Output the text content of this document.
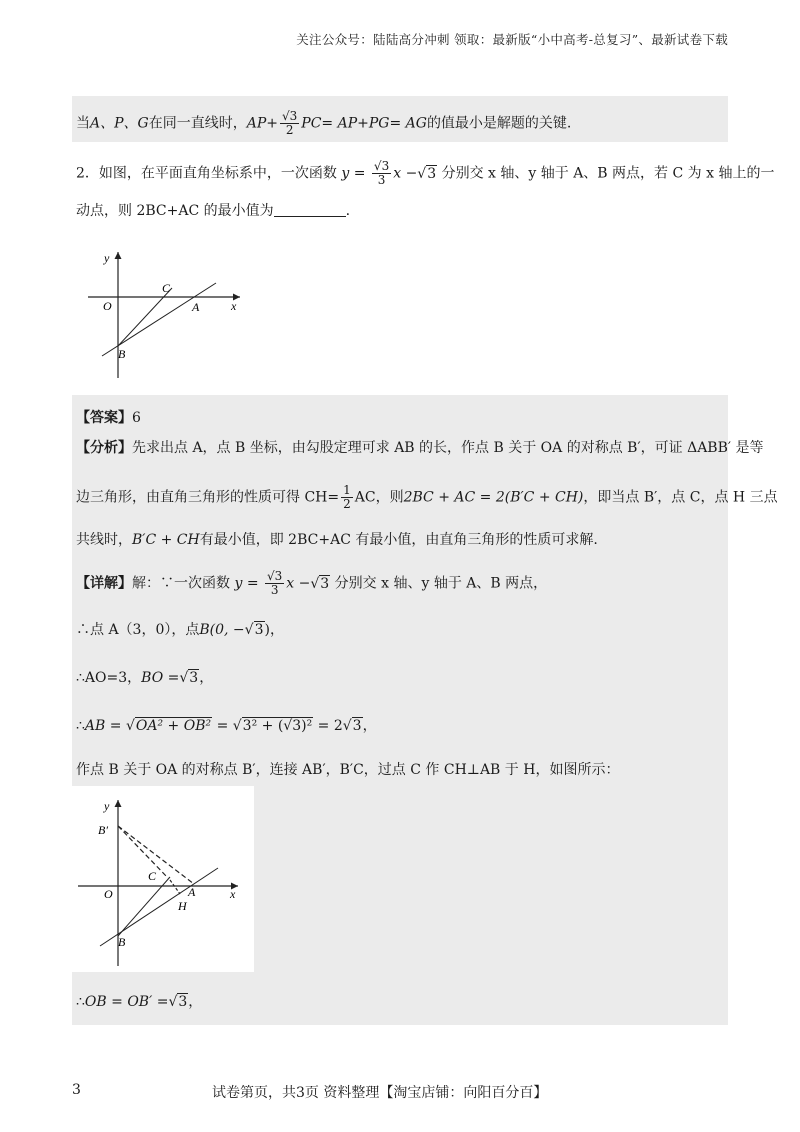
关注公众号：陆陆高分冲刺 领取：最新版“小中高考-总复习”、最新试卷下载
当A、P、G在同一直线时，$AP+ \frac{√3}{2} PC= AP+PG=$ AG的值最小是解题的关键.
2．如图，在平面直角坐标系中，一次函数 $y = \frac{√3}{3}$ x −√3 分别交 x 轴、y 轴于 A、B 两点，若 C 为 x 轴上的一
动点，则 2BC+AC 的最小值为	.
y
x
O
C
A
B
【答案】6
【分析】先求出点 A，点 B 坐标，由勾股定理可求 AB 的长，作点 B 关于 OA 的对称点 B′，可证 ΔABB′ 是等
边三角形，由直角三角形的性质可得 $CH= \frac{1}{2}$ AC，则2BC + AC = 2(B′C + CH)，即当点 B′，点 C，点 H 三点
共线时，B′C + CH有最小值，即 2BC+AC 有最小值，由直角三角形的性质可求解.
【详解】解：∵一次函数 $y = \frac{√3}{3}$ x −√3 分别交 x 轴、y 轴于 A、B 两点，
∴点 A（3，0），点B(0, −√3)，
∴AO=3，BO =√3，
∴AB = √OA² + OB² = √3² + (√3)² = 2√3，
作点 B 关于 OA 的对称点 B′，连接 AB′，B′C，过点 C 作 CH⊥AB 于 H，如图所示：
y
B′
C
A	x
O
H
B
∴OB = OB′ =√3，
3	试卷第页，共3页 资料整理【淘宝店铺：向阳百分百】
